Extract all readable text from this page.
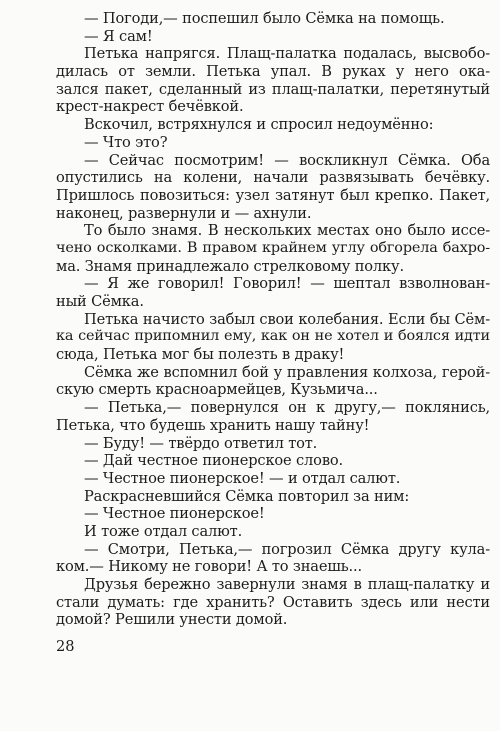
— Погоди,— поспешил было Сёмка на помощь.
— Я сам!
Петька напрягся. Плащ-палатка подалась, высвобо-
дилась от земли. Петька упал. В руках у него ока-
зался пакет, сделанный из плащ-палатки, перетянутый
крест-накрест бечёвкой.
Вскочил, встряхнулся и спросил недоумённо:
— Что это?
— Сейчас посмотрим! — воскликнул Сёмка. Оба
опустились на колени, начали развязывать бечёвку.
Пришлось повозиться: узел затянут был крепко. Пакет,
наконец, развернули и — ахнули.
То было знамя. В нескольких местах оно было иссе-
чено осколками. В правом крайнем углу обгорела бахро-
ма. Знамя принадлежало стрелковому полку.
— Я же говорил! Говорил! — шептал взволнован-
ный Сёмка.
Петька начисто забыл свои колебания. Если бы Сём-
ка сейчас припомнил ему, как он не хотел и боялся идти
сюда, Петька мог бы полезть в драку!
Сёмка же вспомнил бой у правления колхоза, герой-
скую смерть красноармейцев, Кузьмича...
— Петька,— повернулся он к другу,— поклянись,
Петька, что будешь хранить нашу тайну!
— Буду! — твёрдо ответил тот.
— Дай честное пионерское слово.
— Честное пионерское! — и отдал салют.
Раскрасневшийся Сёмка повторил за ним:
— Честное пионерское!
И тоже отдал салют.
— Смотри, Петька,— погрозил Сёмка другу кула-
ком.— Никому не говори! А то знаешь...
Друзья бережно завернули знамя в плащ-палатку и
стали думать: где хранить? Оставить здесь или нести
домой? Решили унести домой.
28
